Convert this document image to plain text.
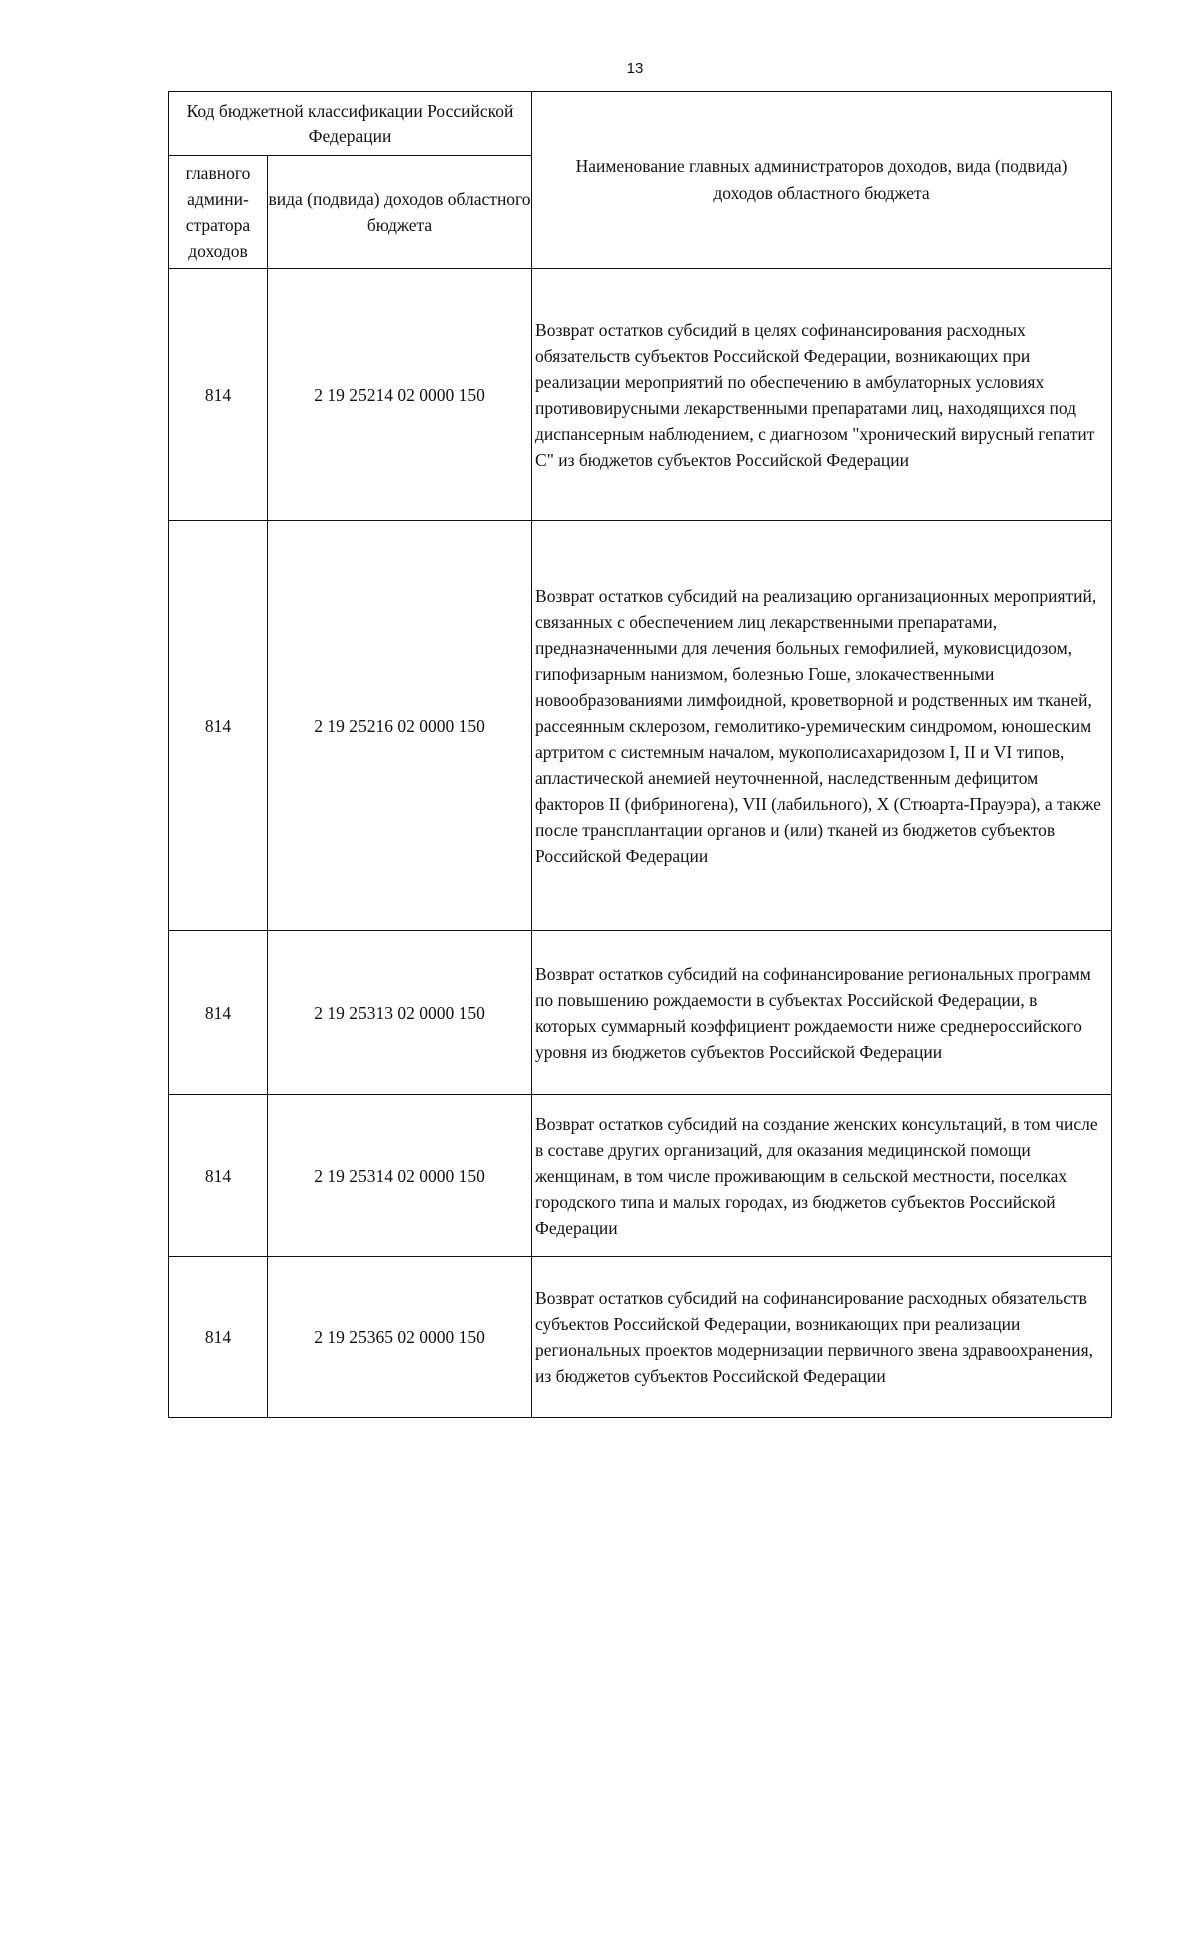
13
Код бюджетной классификации Российской Федерации		Наименование главных администраторов доходов, вида (подвида) доходов областного бюджета
главного админи-стратора доходов	вида (подвида) доходов областного бюджета	
814	2 19 25214 02 0000 150	Возврат остатков субсидий в целях софинансирования расходных обязательств субъектов Российской Федерации, возникающих при реализации мероприятий по обеспечению в амбулаторных условиях противовирусными лекарственными препаратами лиц, находящихся под диспансерным наблюдением, с диагнозом "хронический вирусный гепатит С" из бюджетов субъектов Российской Федерации
814	2 19 25216 02 0000 150	Возврат остатков субсидий на реализацию организационных мероприятий, связанных с обеспечением лиц лекарственными препаратами, предназначенными для лечения больных гемофилией, муковисцидозом, гипофизарным нанизмом, болезнью Гоше, злокачественными новообразованиями лимфоидной, кроветворной и родственных им тканей, рассеянным склерозом, гемолитико-уремическим синдромом, юношеским артритом с системным началом, мукополисахаридозом I, II и VI типов, апластической анемией неуточненной, наследственным дефицитом факторов II (фибриногена), VII (лабильного), X (Стюарта-Прауэра), а также после трансплантации органов и (или) тканей из бюджетов субъектов Российской Федерации
814	2 19 25313 02 0000 150	Возврат остатков субсидий на софинансирование региональных программ по повышению рождаемости в субъектах Российской Федерации, в которых суммарный коэффициент рождаемости ниже среднероссийского уровня из бюджетов субъектов Российской Федерации
814	2 19 25314 02 0000 150	Возврат остатков субсидий на создание женских консультаций, в том числе в составе других организаций, для оказания медицинской помощи женщинам, в том числе проживающим в сельской местности, поселках городского типа и малых городах, из бюджетов субъектов Российской Федерации
814	2 19 25365 02 0000 150	Возврат остатков субсидий на софинансирование расходных обязательств субъектов Российской Федерации, возникающих при реализации региональных проектов модернизации первичного звена здравоохранения, из бюджетов субъектов Российской Федерации
